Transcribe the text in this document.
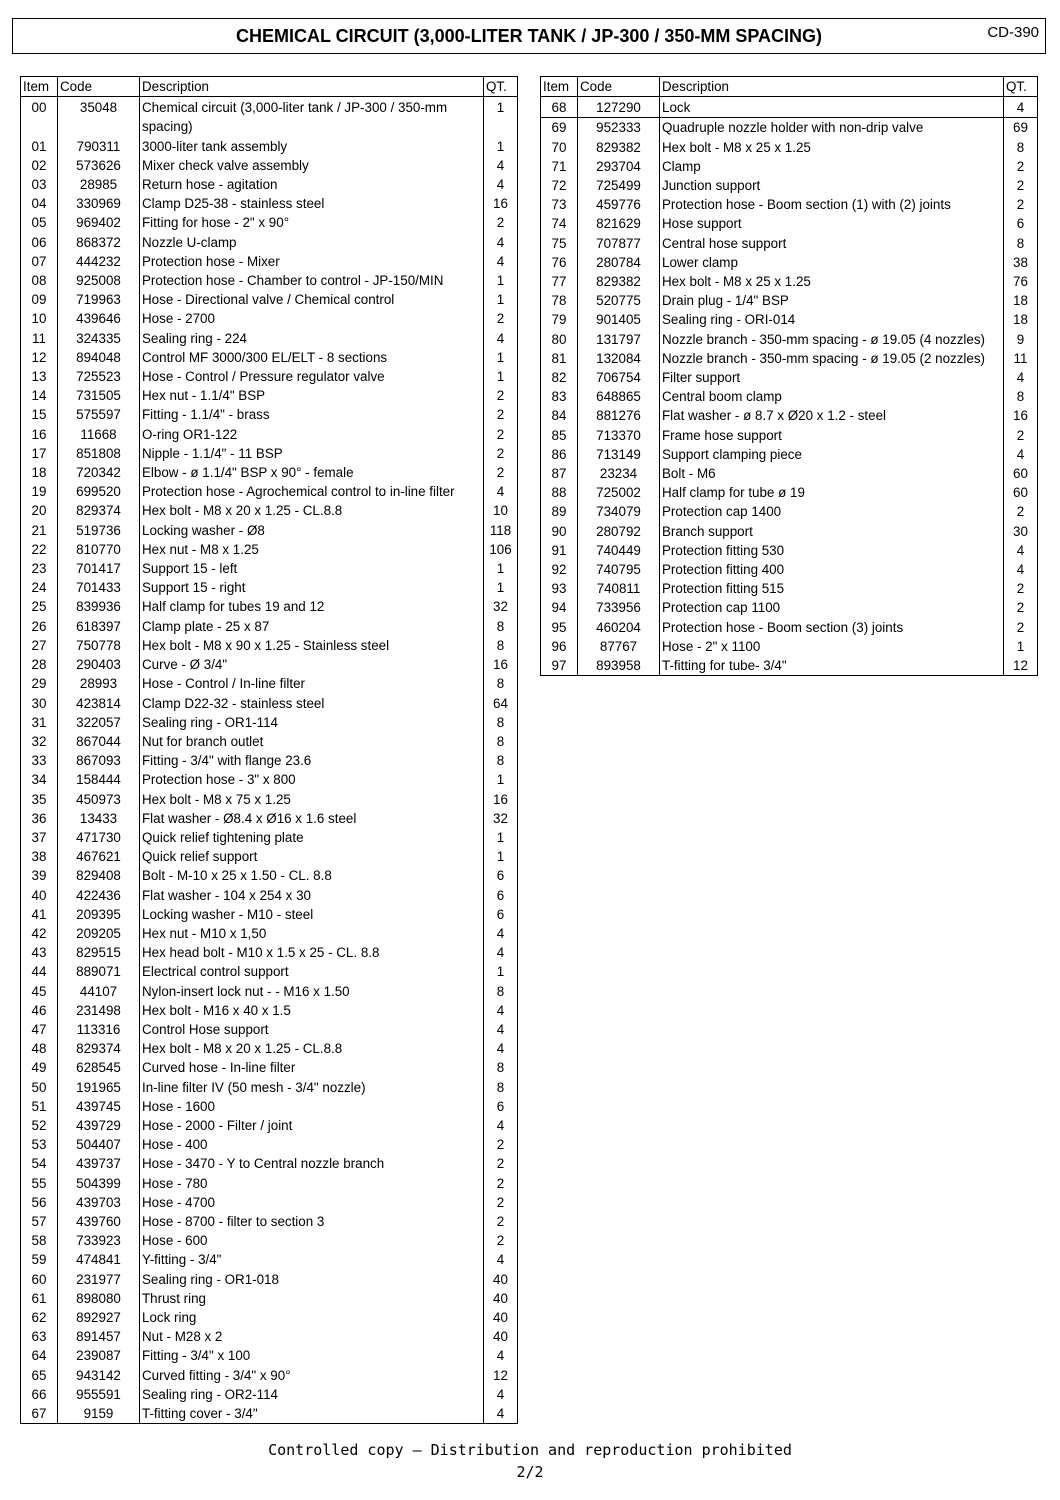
CHEMICAL CIRCUIT (3,000-LITER TANK / JP-300 / 350-MM SPACING)	CD-390
Item	Code	Description	QT.
00	35048	Chemical circuit (3,000-liter tank / JP-300 / 350-mm spacing)	1
01	790311	3000-liter tank assembly	1
02	573626	Mixer check valve assembly	4
03	28985	Return hose - agitation	4
04	330969	Clamp D25-38 - stainless steel	16
05	969402	Fitting for hose - 2" x 90°	2
06	868372	Nozzle U-clamp	4
07	444232	Protection hose - Mixer	4
08	925008	Protection hose - Chamber to control - JP-150/MIN	1
09	719963	Hose - Directional valve / Chemical control	1
10	439646	Hose - 2700	2
11	324335	Sealing ring - 224	4
12	894048	Control MF 3000/300 EL/ELT - 8 sections	1
13	725523	Hose - Control / Pressure regulator valve	1
14	731505	Hex nut - 1.1/4" BSP	2
15	575597	Fitting - 1.1/4" - brass	2
16	11668	O-ring OR1-122	2
17	851808	Nipple - 1.1/4" - 11 BSP	2
18	720342	Elbow - ø 1.1/4" BSP x 90° - female	2
19	699520	Protection hose - Agrochemical control to in-line filter	4
20	829374	Hex bolt - M8 x 20 x 1.25 - CL.8.8	10
21	519736	Locking washer - Ø8	118
22	810770	Hex nut - M8 x 1.25	106
23	701417	Support 15 - left	1
24	701433	Support 15 - right	1
25	839936	Half clamp for tubes 19 and 12	32
26	618397	Clamp plate - 25 x 87	8
27	750778	Hex bolt - M8 x 90 x 1.25 - Stainless steel	8
28	290403	Curve - Ø 3/4"	16
29	28993	Hose - Control / In-line filter	8
30	423814	Clamp D22-32 - stainless steel	64
31	322057	Sealing ring - OR1-114	8
32	867044	Nut for branch outlet	8
33	867093	Fitting - 3/4" with flange 23.6	8
34	158444	Protection hose - 3" x 800	1
35	450973	Hex bolt - M8 x 75 x 1.25	16
36	13433	Flat washer - Ø8.4 x Ø16 x 1.6 steel	32
37	471730	Quick relief tightening plate	1
38	467621	Quick relief support	1
39	829408	Bolt - M-10 x 25 x 1.50 - CL. 8.8	6
40	422436	Flat washer - 104 x 254 x 30	6
41	209395	Locking washer - M10 - steel	6
42	209205	Hex nut - M10 x 1,50	4
43	829515	Hex head bolt - M10 x 1.5 x 25 - CL. 8.8	4
44	889071	Electrical control support	1
45	44107	Nylon-insert lock nut - - M16 x 1.50	8
46	231498	Hex bolt - M16 x 40 x 1.5	4
47	113316	Control Hose support	4
48	829374	Hex bolt - M8 x 20 x 1.25 - CL.8.8	4
49	628545	Curved hose - In-line filter	8
50	191965	In-line filter IV (50 mesh - 3/4" nozzle)	8
51	439745	Hose - 1600	6
52	439729	Hose - 2000 - Filter / joint	4
53	504407	Hose - 400	2
54	439737	Hose - 3470 - Y to Central nozzle branch	2
55	504399	Hose - 780	2
56	439703	Hose - 4700	2
57	439760	Hose - 8700 - filter to section 3	2
58	733923	Hose - 600	2
59	474841	Y-fitting - 3/4"	4
60	231977	Sealing ring - OR1-018	40
61	898080	Thrust ring	40
62	892927	Lock ring	40
63	891457	Nut - M28 x 2	40
64	239087	Fitting - 3/4" x 100	4
65	943142	Curved fitting - 3/4" x 90°	12
66	955591	Sealing ring - OR2-114	4
67	9159	T-fitting cover - 3/4"	4
Item	Code	Description	QT.
68	127290	Lock	4
69	952333	Quadruple nozzle holder with non-drip valve	69
70	829382	Hex bolt - M8 x 25 x 1.25	8
71	293704	Clamp	2
72	725499	Junction support	2
73	459776	Protection hose - Boom section (1) with (2) joints	2
74	821629	Hose support	6
75	707877	Central hose support	8
76	280784	Lower clamp	38
77	829382	Hex bolt - M8 x 25 x 1.25	76
78	520775	Drain plug - 1/4" BSP	18
79	901405	Sealing ring - ORI-014	18
80	131797	Nozzle branch - 350-mm spacing - ø 19.05 (4 nozzles)	9
81	132084	Nozzle branch - 350-mm spacing - ø 19.05 (2 nozzles)	11
82	706754	Filter support	4
83	648865	Central boom clamp	8
84	881276	Flat washer - ø 8.7 x Ø20 x 1.2 - steel	16
85	713370	Frame hose support	2
86	713149	Support clamping piece	4
87	23234	Bolt - M6	60
88	725002	Half clamp for tube ø 19	60
89	734079	Protection cap 1400	2
90	280792	Branch support	30
91	740449	Protection fitting 530	4
92	740795	Protection fitting 400	4
93	740811	Protection fitting 515	2
94	733956	Protection cap 1100	2
95	460204	Protection hose - Boom section (3) joints	2
96	87767	Hose - 2" x 1100	1
97	893958	T-fitting for tube- 3/4"	12
Controlled copy – Distribution and reproduction prohibited
2/2
